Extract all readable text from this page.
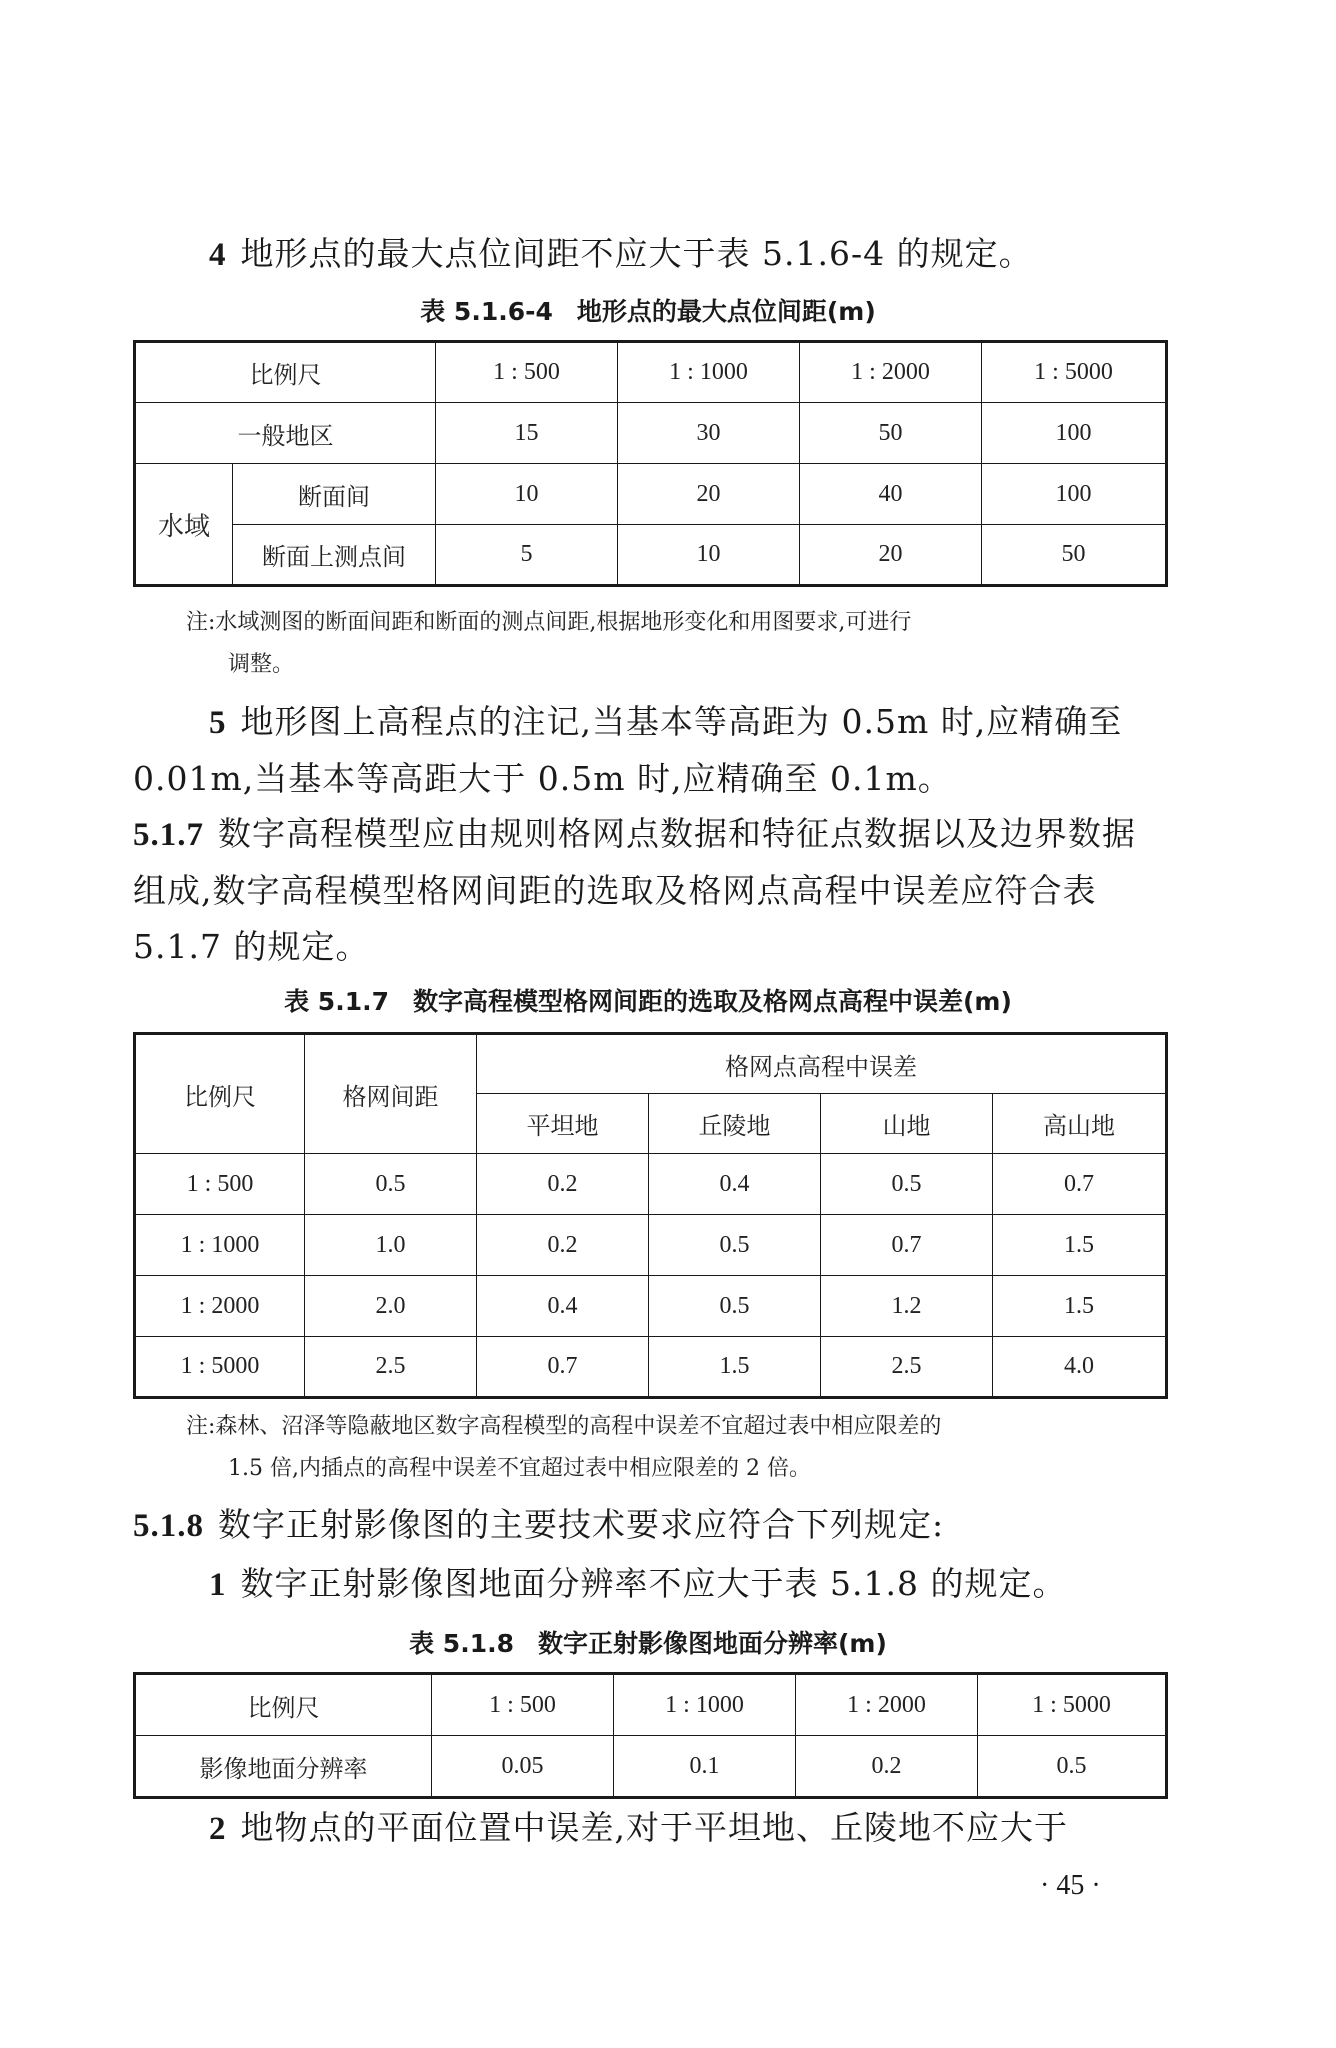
4 地形点的最大点位间距不应大于表 5.1.6-4 的规定。

表 5.1.6-4 地形点的最大点位间距(m)

比例尺		1 : 500	1 : 1000	1 : 2000	1 : 5000
一般地区		15	30	50	100
水域	断面间	10	20	40	100
	断面上测点间	5	10	20	50

注:水域测图的断面间距和断面的测点间距,根据地形变化和用图要求,可进行
调整。

5 地形图上高程点的注记,当基本等高距为 0.5m 时,应精确至 0.01m,当基本等高距大于 0.5m 时,应精确至 0.1m。

5.1.7 数字高程模型应由规则格网点数据和特征点数据以及边界数据组成,数字高程模型格网间距的选取及格网点高程中误差应符合表 5.1.7 的规定。

表 5.1.7 数字高程模型格网间距的选取及格网点高程中误差(m)

比例尺	格网间距	格网点高程中误差			
		平坦地	丘陵地	山地	高山地
1 : 500	0.5	0.2	0.4	0.5	0.7
1 : 1000	1.0	0.2	0.5	0.7	1.5
1 : 2000	2.0	0.4	0.5	1.2	1.5
1 : 5000	2.5	0.7	1.5	2.5	4.0

注:森林、沼泽等隐蔽地区数字高程模型的高程中误差不宜超过表中相应限差的
1.5 倍,内插点的高程中误差不宜超过表中相应限差的 2 倍。

5.1.8 数字正射影像图的主要技术要求应符合下列规定:

1 数字正射影像图地面分辨率不应大于表 5.1.8 的规定。

表 5.1.8 数字正射影像图地面分辨率(m)

比例尺	1 : 500	1 : 1000	1 : 2000	1 : 5000
影像地面分辨率	0.05	0.1	0.2	0.5

2 地物点的平面位置中误差,对于平坦地、丘陵地不应大于

· 45 ·
